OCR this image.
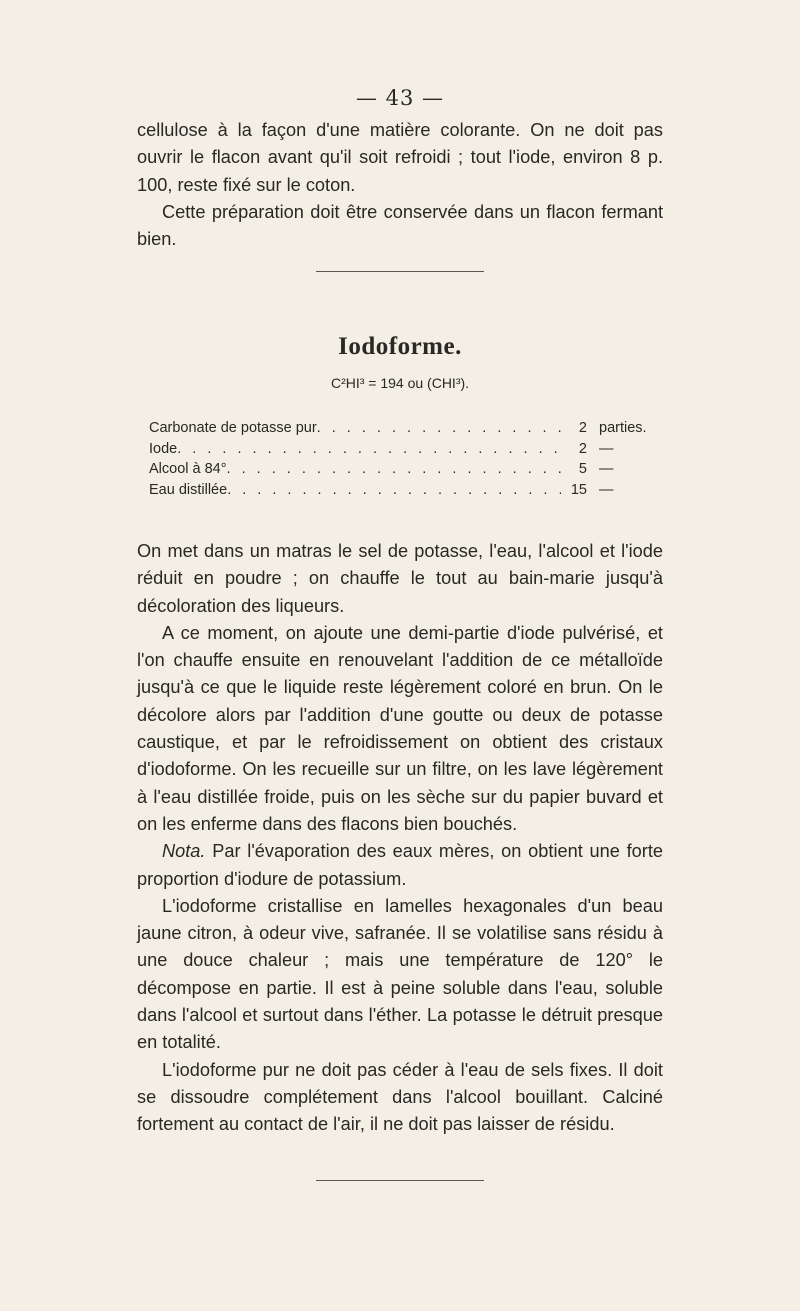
— 43 —

cellulose à la façon d'une matière colorante. On ne doit pas ouvrir le flacon avant qu'il soit refroidi ; tout l'iode, environ 8 p. 100, reste fixé sur le coton.

Cette préparation doit être conservée dans un flacon fermant bien.

Iodoforme.
C²HI³ = 194 ou (CHI³).
Carbonate de potasse pur . . .	2 parties.
Iode . . .	2 —
Alcool à 84° . . .	5 —
Eau distillée . . .	15 —

On met dans un matras le sel de potasse, l'eau, l'alcool et l'iode réduit en poudre ; on chauffe le tout au bain-marie jusqu'à décoloration des liqueurs.

A ce moment, on ajoute une demi-partie d'iode pulvérisé, et l'on chauffe ensuite en renouvelant l'addition de ce métalloïde jusqu'à ce que le liquide reste légèrement coloré en brun. On le décolore alors par l'addition d'une goutte ou deux de potasse caustique, et par le refroidissement on obtient des cristaux d'iodoforme. On les recueille sur un filtre, on les lave légèrement à l'eau distillée froide, puis on les sèche sur du papier buvard et on les enferme dans des flacons bien bouchés.

Nota. Par l'évaporation des eaux mères, on obtient une forte proportion d'iodure de potassium.

L'iodoforme cristallise en lamelles hexagonales d'un beau jaune citron, à odeur vive, safranée. Il se volatilise sans résidu à une douce chaleur ; mais une température de 120° le décompose en partie. Il est à peine soluble dans l'eau, soluble dans l'alcool et surtout dans l'éther. La potasse le détruit presque en totalité.

L'iodoforme pur ne doit pas céder à l'eau de sels fixes. Il doit se dissoudre complétement dans l'alcool bouillant. Calciné fortement au contact de l'air, il ne doit pas laisser de résidu.
